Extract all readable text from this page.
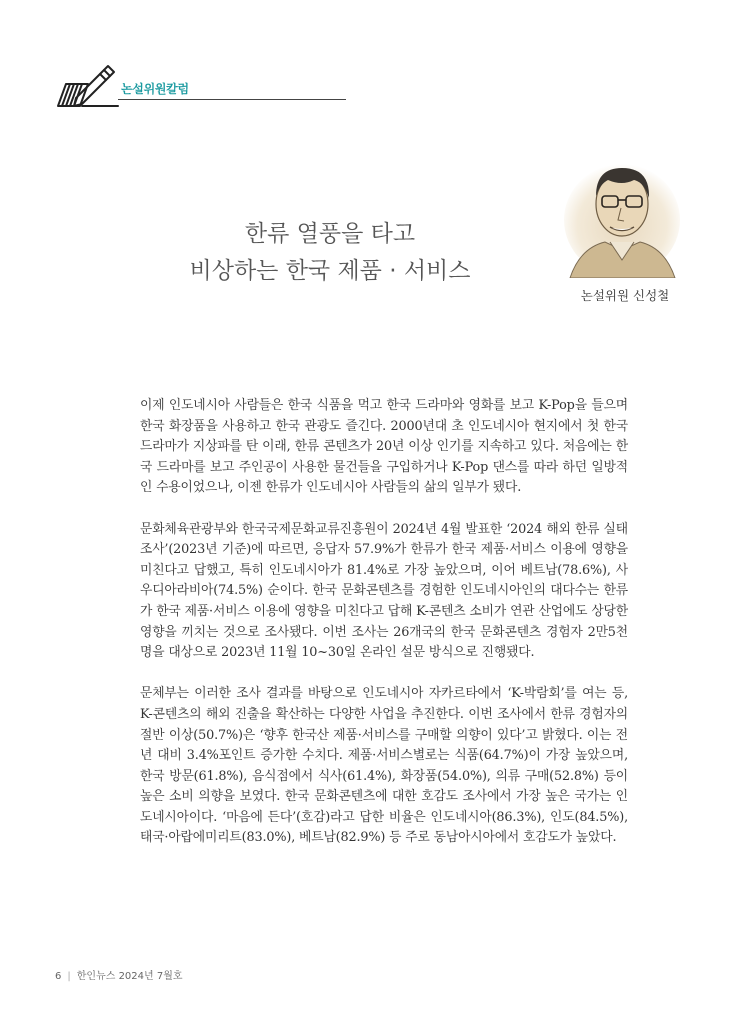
논설위원칼럼
한류 열풍을 타고
비상하는 한국 제품 · 서비스
논설위원 신성철

이제 인도네시아 사람들은 한국 식품을 먹고 한국 드라마와 영화를 보고 K-Pop을 들으며 한국 화장품을 사용하고 한국 관광도 즐긴다. 2000년대 초 인도네시아 현지에서 첫 한국 드라마가 지상파를 탄 이래, 한류 콘텐츠가 20년 이상 인기를 지속하고 있다. 처음에는 한국 드라마를 보고 주인공이 사용한 물건들을 구입하거나 K-Pop 댄스를 따라 하던 일방적인 수용이었으나, 이젠 한류가 인도네시아 사람들의 삶의 일부가 됐다.

문화체육관광부와 한국국제문화교류진흥원이 2024년 4월 발표한 ‘2024 해외 한류 실태조사’(2023년 기준)에 따르면, 응답자 57.9%가 한류가 한국 제품·서비스 이용에 영향을 미친다고 답했고, 특히 인도네시아가 81.4%로 가장 높았으며, 이어 베트남(78.6%), 사우디아라비아(74.5%) 순이다. 한국 문화콘텐츠를 경험한 인도네시아인의 대다수는 한류가 한국 제품·서비스 이용에 영향을 미친다고 답해 K-콘텐츠 소비가 연관 산업에도 상당한 영향을 끼치는 것으로 조사됐다. 이번 조사는 26개국의 한국 문화콘텐츠 경험자 2만5천명을 대상으로 2023년 11월 10~30일 온라인 설문 방식으로 진행됐다.

문체부는 이러한 조사 결과를 바탕으로 인도네시아 자카르타에서 ‘K-박람회’를 여는 등, K-콘텐츠의 해외 진출을 확산하는 다양한 사업을 추진한다. 이번 조사에서 한류 경험자의 절반 이상(50.7%)은 ‘향후 한국산 제품·서비스를 구매할 의향이 있다’고 밝혔다. 이는 전년 대비 3.4%포인트 증가한 수치다. 제품·서비스별로는 식품(64.7%)이 가장 높았으며, 한국 방문(61.8%), 음식점에서 식사(61.4%), 화장품(54.0%), 의류 구매(52.8%) 등이 높은 소비 의향을 보였다. 한국 문화콘텐츠에 대한 호감도 조사에서 가장 높은 국가는 인도네시아이다. ‘마음에 든다’(호감)라고 답한 비율은 인도네시아(86.3%), 인도(84.5%), 태국·아랍에미리트(83.0%), 베트남(82.9%) 등 주로 동남아시아에서 호감도가 높았다.

6 | 한인뉴스 2024년 7월호
